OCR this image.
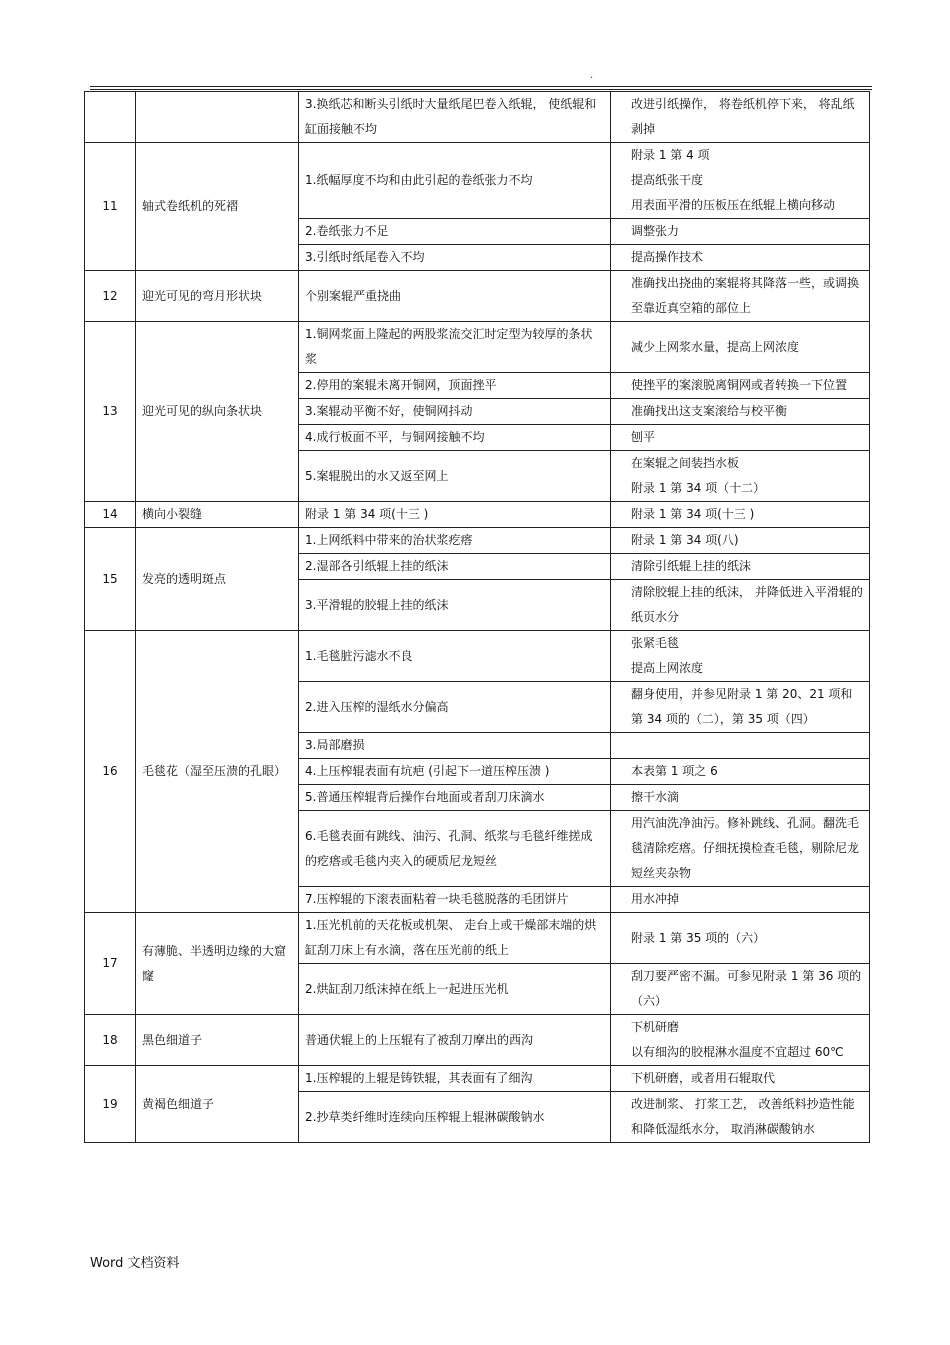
.
		3.换纸芯和断头引纸时大量纸尾巴卷入纸辊， 使纸辊和缸面接触不均	改进引纸操作， 将卷纸机停下来， 将乱纸剥掉

11	轴式卷纸机的死褶	1.纸幅厚度不均和由此引起的卷纸张力不均	附录 1 第 4 项
提高纸张干度
用表面平滑的压板压在纸辊上横向移动

		2.卷纸张力不足	调整张力

		3.引纸时纸尾卷入不均	提高操作技术

12	迎光可见的弯月形状块	个别案辊严重挠曲	准确找出挠曲的案辊将其降落一些，或调换至靠近真空箱的部位上

13	迎光可见的纵向条状块	1.铜网浆面上隆起的两股浆流交汇时定型为较厚的条状浆	减少上网浆水量，提高上网浓度

		2.停用的案辊未离开铜网，顶面挫平	使挫平的案滚脱离铜网或者转换一下位置

		3.案辊动平衡不好，使铜网抖动	准确找出这支案滚给与校平衡

		4.成行板面不平，与铜网接触不均	刨平

		5.案辊脱出的水又返至网上	在案辊之间装挡水板
附录 1 第 34 项（十二）

14	横向小裂缝	附录 1 第 34 项(十三 )	附录 1 第 34 项(十三 )

15	发亮的透明斑点	1.上网纸料中带来的治状浆疙瘩	附录 1 第 34 项(八)

		2.湿部各引纸辊上挂的纸沫	清除引纸辊上挂的纸沫

		3.平滑辊的胶辊上挂的纸沫	清除胶辊上挂的纸沫， 并降低进入平滑辊的纸页水分

16	毛毯花（湿至压溃的孔眼）	1.毛毯脏污滤水不良	张紧毛毯
提高上网浓度

		2.进入压榨的湿纸水分偏高	翻身使用，并参见附录 1 第 20、21 项和第 34 项的（二），第 35 项（四）

		3.局部磨损	

		4.上压榨辊表面有坑疤 (引起下一道压榨压溃 )	本表第 1 项之 6

		5.普通压榨辊背后操作台地面或者刮刀床滴水	擦干水滴

		6.毛毯表面有跳线、油污、孔洞、纸浆与毛毯纤维搓成的疙瘩或毛毯内夹入的硬质尼龙短丝	用汽油洗净油污。修补跳线、孔洞。翻洗毛毯清除疙瘩。仔细抚摸检查毛毯，剔除尼龙短丝夹杂物

		7.压榨辊的下滚表面粘着一块毛毯脱落的毛团饼片	用水冲掉

17	有薄脆、半透明边缘的大窟窿	1.压光机前的天花板或机架、 走台上或干燥部末端的烘缸刮刀床上有水滴，落在压光前的纸上	附录 1 第 35 项的（六）

		2.烘缸刮刀纸沫掉在纸上一起进压光机	刮刀要严密不漏。可参见附录 1 第 36 项的（六）

18	黑色细道子	普通伏辊上的上压辊有了被刮刀摩出的西沟	下机研磨
以有细沟的胶棍淋水温度不宜超过 60℃

19	黄褐色细道子	1.压榨辊的上辊是铸铁辊，其表面有了细沟	下机研磨，或者用石辊取代

		2.抄草类纤维时连续向压榨辊上辊淋碳酸钠水	改进制浆、 打浆工艺， 改善纸料抄造性能和降低湿纸水分， 取消淋碳酸钠水
Word 文档资料
